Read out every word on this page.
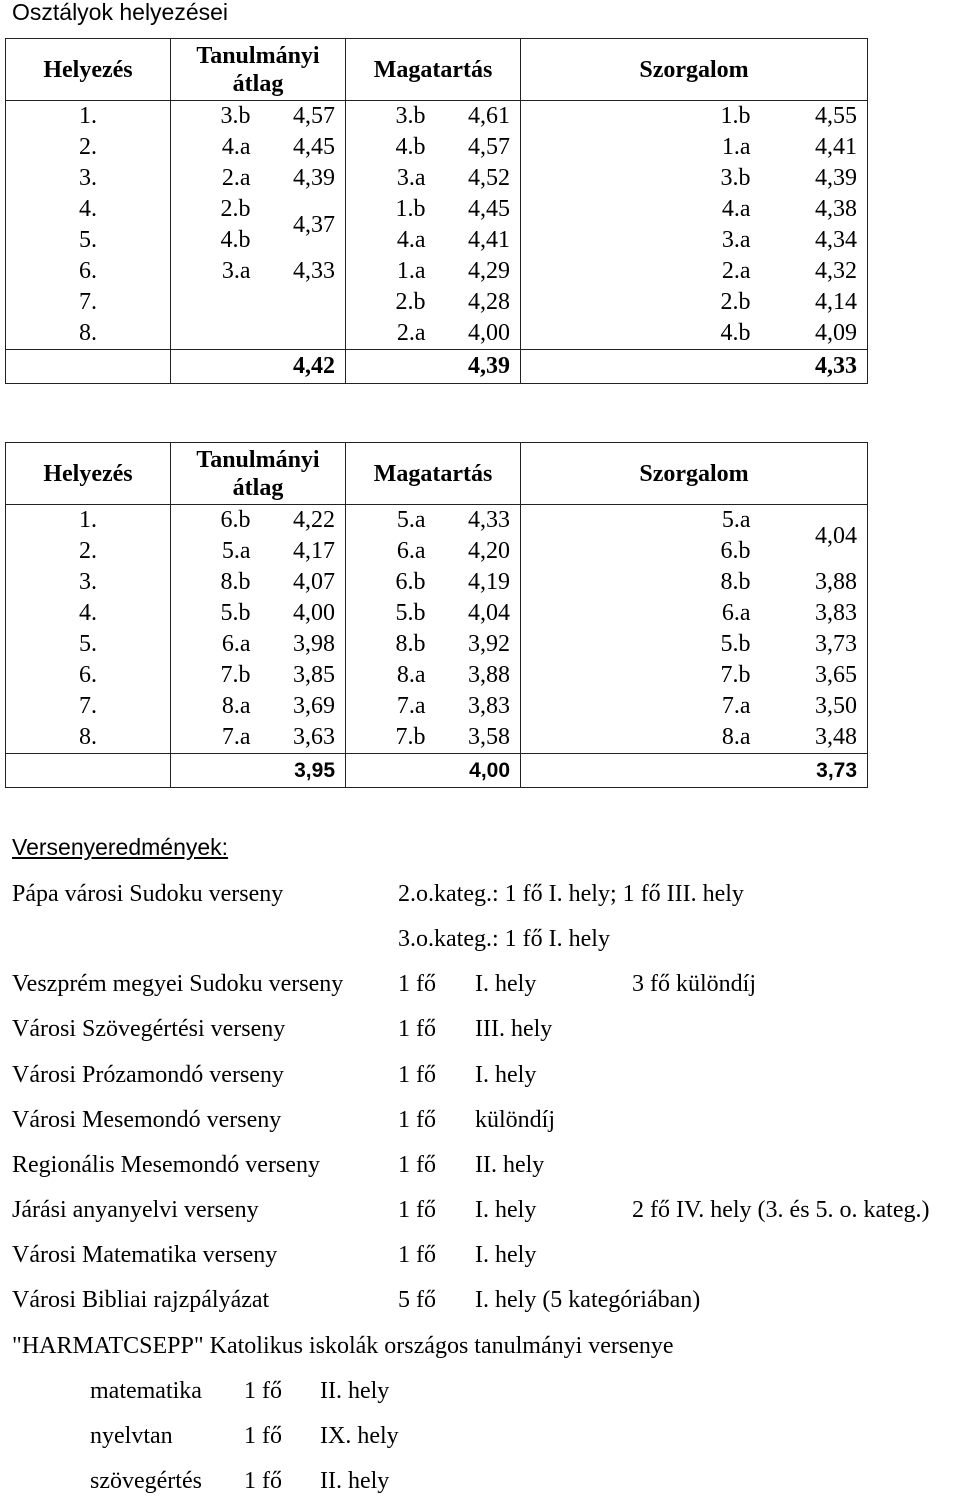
Osztályok helyezései
Helyezés	Tanulmányi
átlag		Magatartás		Szorgalom	
1.	3.b	4,57	3.b	4,61	1.b	4,55
2.	4.a	4,45	4.b	4,57	1.a	4,41
3.	2.a	4,39	3.a	4,52	3.b	4,39
4.	2.b	4,37	1.b	4,45	4.a	4,38
5.	4.b		4.a	4,41	3.a	4,34
6.	3.a	4,33	1.a	4,29	2.a	4,32
7.			2.b	4,28	2.b	4,14
8.			2.a	4,00	4.b	4,09
	4,42		4,39		4,33	
Helyezés	Tanulmányi
átlag		Magatartás		Szorgalom	
1.	6.b	4,22	5.a	4,33	5.a	4,04
2.	5.a	4,17	6.a	4,20	6.b	
3.	8.b	4,07	6.b	4,19	8.b	3,88
4.	5.b	4,00	5.b	4,04	6.a	3,83
5.	6.a	3,98	8.b	3,92	5.b	3,73
6.	7.b	3,85	8.a	3,88	7.b	3,65
7.	8.a	3,69	7.a	3,83	7.a	3,50
8.	7.a	3,63	7.b	3,58	8.a	3,48
	3,95		4,00		3,73	
Versenyeredmények:
Pápa városi Sudoku verseny	2.o.kateg.: 1 fő I. hely; 1 fő III. hely
3.o.kateg.: 1 fő I. hely
Veszprém megyei Sudoku verseny 1 fő I. hely	3 fő különdíj
Városi Szövegértési verseny	1 fő III. hely
Városi Prózamondó verseny	1 fő I. hely
Városi Mesemondó verseny	1 fő különdíj
Regionális Mesemondó verseny	1 fő II. hely
Járási anyanyelvi verseny	1 fő I. hely	2 fő IV. hely (3. és 5. o. kateg.)
Városi Matematika verseny	1 fő I. hely
Városi Bibliai rajzpályázat	5 fő I. hely (5 kategóriában)
"HARMATCSEPP" Katolikus iskolák országos tanulmányi versenye
matematika 1 fő II. hely
nyelvtan	1 fő IX. hely
szövegértés 1 fő II. hely
